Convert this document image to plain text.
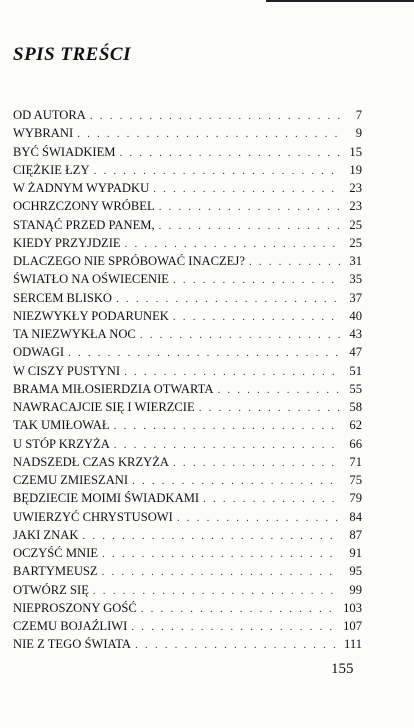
SPIS TREŚCI
OD AUTORA . . .	7
WYBRANI . . .	9
BYĆ ŚWIADKIEM . . .	15
CIĘŻKIE ŁZY . . .	19
W ŻADNYM WYPADKU . . .	23
OCHRZCZONY WRÓBEL . . .	23
STANĄĆ PRZED PANEM, . . .	25
KIEDY PRZYJDZIE . . .	25
DLACZEGO NIE SPRÓBOWAĆ INACZEJ? . . .	31
ŚWIATŁO NA OŚWIECENIE . . .	35
SERCEM BLISKO . . .	37
NIEZWYKŁY PODARUNEK . . .	40
TA NIEZWYKŁA NOC . . .	43
ODWAGI . . .	47
W CISZY PUSTYNI . . .	51
BRAMA MIŁOSIERDZIA OTWARTA . . .	55
NAWRACAJCIE SIĘ I WIERZCIE . . .	58
TAK UMIŁOWAŁ . . .	62
U STÓP KRZYŻA . . .	66
NADSZEDŁ CZAS KRZYŻA . . .	71
CZEMU ZMIESZANI . . .	75
BĘDZIECIE MOIMI ŚWIADKAMI . . .	79
UWIERZYĆ CHRYSTUSOWI . . .	84
JAKI ZNAK . . .	87
OCZYŚĆ MNIE . . .	91
BARTYMEUSZ . . .	95
OTWÓRZ SIĘ . . .	99
NIEPROSZONY GOŚĆ . . .	103
CZEMU BOJAŹLIWI . . .	107
NIE Z TEGO ŚWIATA . . .	111
155
